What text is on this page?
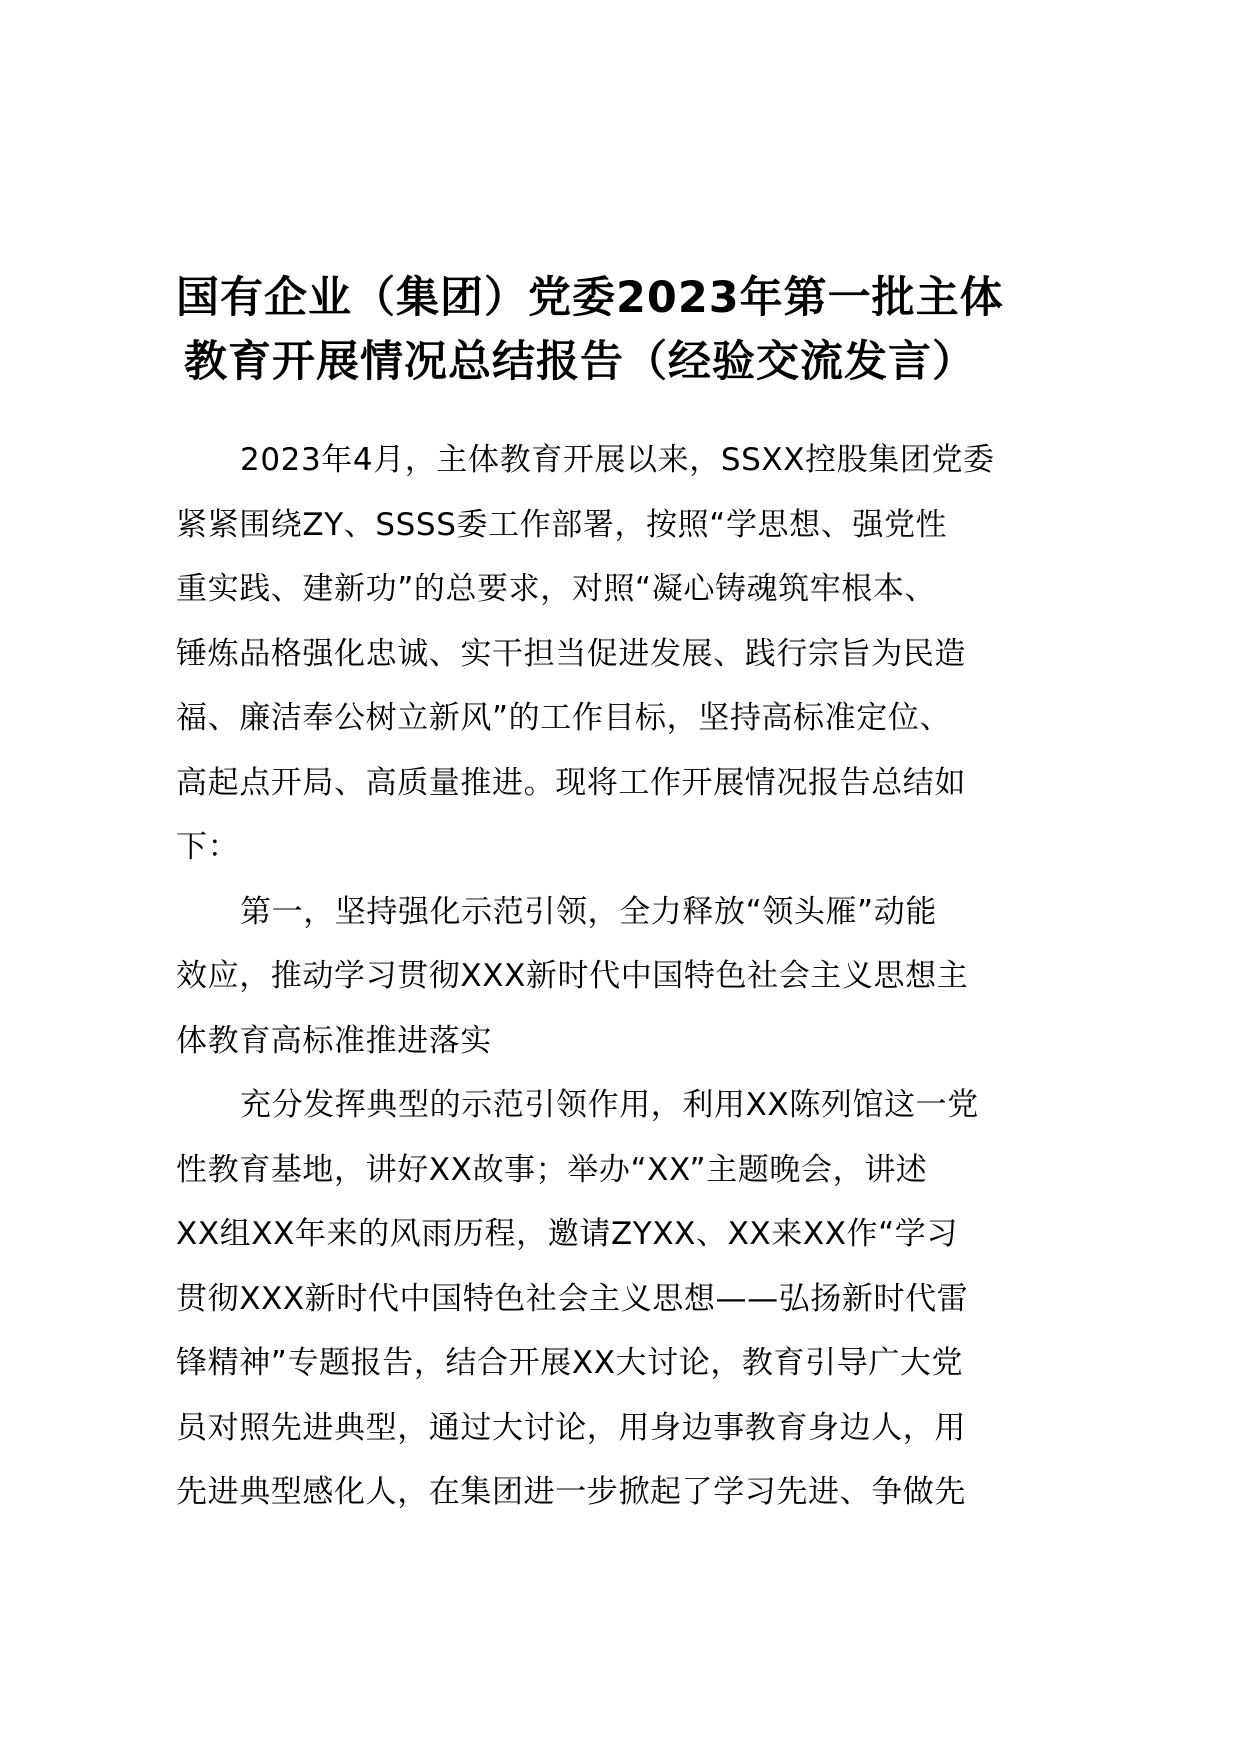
国有企业（集团）党委2023年第一批主体
教育开展情况总结报告（经验交流发言）
2023年4月，主体教育开展以来，SSXX控股集团党委
紧紧围绕ZY、SSSS委工作部署，按照“学思想、强党性
重实践、建新功”的总要求，对照“凝心铸魂筑牢根本、
锤炼品格强化忠诚、实干担当促进发展、践行宗旨为民造
福、廉洁奉公树立新风”的工作目标，坚持高标准定位、
高起点开局、高质量推进。现将工作开展情况报告总结如
下：
第一，坚持强化示范引领，全力释放“领头雁”动能
效应，推动学习贯彻XXX新时代中国特色社会主义思想主
体教育高标准推进落实
充分发挥典型的示范引领作用，利用XX陈列馆这一党
性教育基地，讲好XX故事；举办“XX”主题晚会，讲述
XX组XX年来的风雨历程，邀请ZYXX、XX来XX作“学习
贯彻XXX新时代中国特色社会主义思想——弘扬新时代雷
锋精神”专题报告，结合开展XX大讨论，教育引导广大党
员对照先进典型，通过大讨论，用身边事教育身边人，用
先进典型感化人，在集团进一步掀起了学习先进、争做先
